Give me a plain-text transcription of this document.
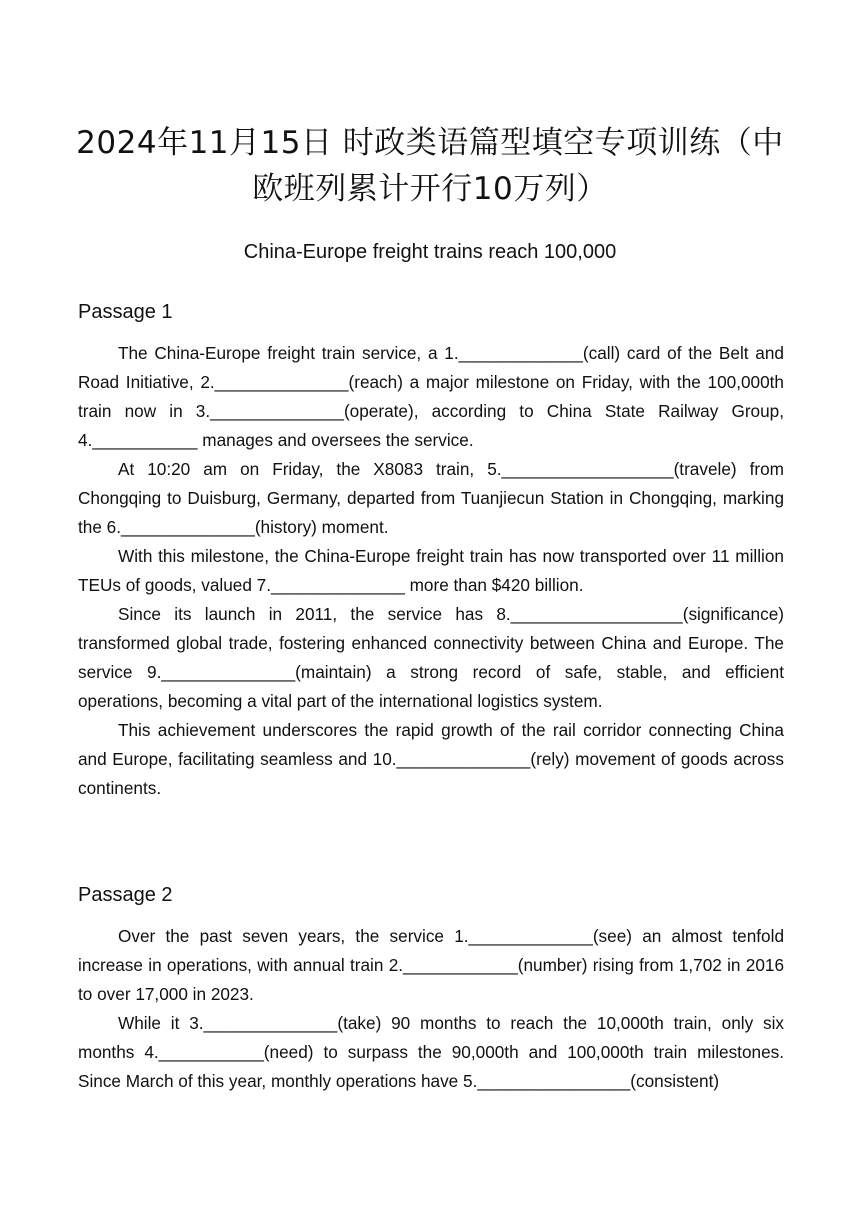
2024年11月15日 时政类语篇型填空专项训练（中
欧班列累计开行10万列）
China-Europe freight trains reach 100,000
Passage 1

The China-Europe freight train service, a 1._____________(call) card of the Belt and Road Initiative, 2.______________(reach) a major milestone on Friday, with the 100,000th train now in 3.______________(operate), according to China State Railway Group, 4.___________ manages and oversees the service.

At 10:20 am on Friday, the X8083 train, 5.__________________(travele) from Chongqing to Duisburg, Germany, departed from Tuanjiecun Station in Chongqing, marking the 6.______________(history) moment.

With this milestone, the China-Europe freight train has now transported over 11 million TEUs of goods, valued 7.______________ more than $420 billion.

Since its launch in 2011, the service has 8.__________________(significance) transformed global trade, fostering enhanced connectivity between China and Europe. The service 9.______________(maintain) a strong record of safe, stable, and efficient operations, becoming a vital part of the international logistics system.

This achievement underscores the rapid growth of the rail corridor connecting China and Europe, facilitating seamless and 10.______________(rely) movement of goods across continents.

Passage 2

Over the past seven years, the service 1._____________(see) an almost tenfold increase in operations, with annual train 2.____________(number) rising from 1,702 in 2016 to over 17,000 in 2023.

While it 3.______________(take) 90 months to reach the 10,000th train, only six months 4.___________(need) to surpass the 90,000th and 100,000th train milestones. Since March of this year, monthly operations have 5.________________(consistent)
